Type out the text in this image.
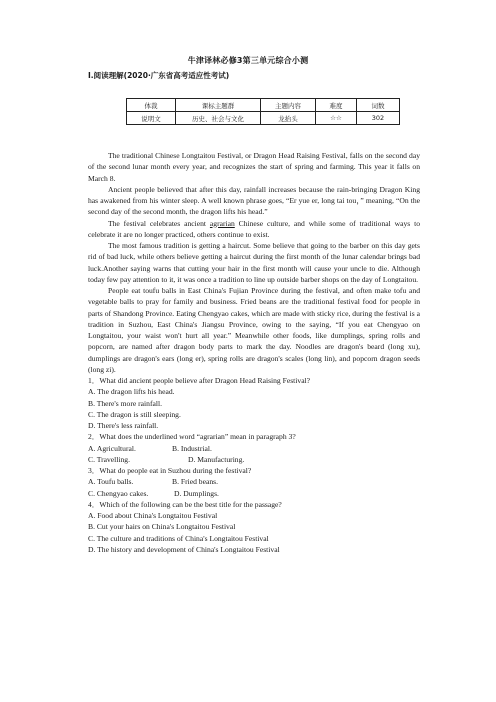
牛津译林必修3第三单元综合小测
Ⅰ.阅读理解(2020·广东省高考适应性考试)
体裁	课标主题群	主题内容	难度	词数
说明文	历史、社会与文化	龙抬头	☆☆	302

The traditional Chinese Longtaitou Festival, or Dragon Head Raising Festival, falls on the second day of the second lunar month every year, and recognizes the start of spring and farming. This year it falls on March 8.

Ancient people believed that after this day, rainfall increases because the rain-bringing Dragon King has awakened from his winter sleep. A well known phrase goes, “Er yue er, long tai tou，” meaning, “On the second day of the second month, the dragon lifts his head.”

The festival celebrates ancient agrarian Chinese culture, and while some of traditional ways to celebrate it are no longer practiced, others continue to exist.

The most famous tradition is getting a haircut. Some believe that going to the barber on this day gets rid of bad luck, while others believe getting a haircut during the first month of the lunar calendar brings bad luck.Another saying warns that cutting your hair in the first month will cause your uncle to die. Although today few pay attention to it, it was once a tradition to line up outside barber shops on the day of Longtaitou.

People eat toufu balls in East China's Fujian Province during the festival, and often make tofu and vegetable balls to pray for family and business. Fried beans are the traditional festival food for people in parts of Shandong Province. Eating Chengyao cakes, which are made with sticky rice, during the festival is a tradition in Suzhou, East China's Jiangsu Province, owing to the saying, “If you eat Chengyao on Longtaitou, your waist won't hurt all year.” Meanwhile other foods, like dumplings, spring rolls and popcorn, are named after dragon body parts to mark the day. Noodles are dragon's beard (long xu), dumplings are dragon's ears (long er), spring rolls are dragon's scales (long lin), and popcorn dragon seeds (long zi).

1．What did ancient people believe after Dragon Head Raising Festival?

A. The dragon lifts his head.

B. There's more rainfall.

C. The dragon is still sleeping.

D. There's less rainfall.

2．What does the underlined word “agrarian” mean in paragraph 3?

A. Agricultural.	B. Industrial.

C. Travelling.	D. Manufacturing.

3．What do people eat in Suzhou during the festival?

A. Toufu balls.	B. Fried beans.

C. Chengyao cakes.	D. Dumplings.

4．Which of the following can be the best title for the passage?

A. Food about China's Longtaitou Festival

B. Cut your hairs on China's Longtaitou Festival

C. The culture and traditions of China's Longtaitou Festival

D. The history and development of China's Longtaitou Festival
